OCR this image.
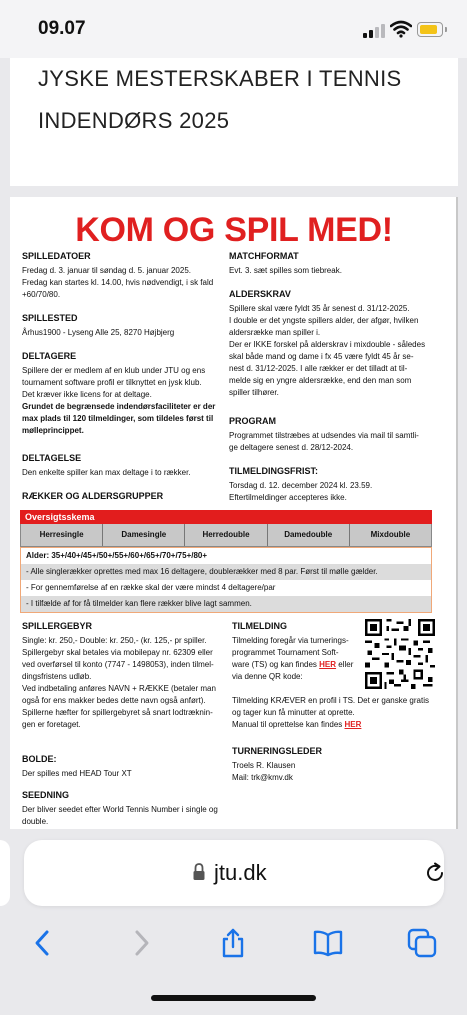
09.07
JYSKE MESTERSKABER I TENNIS
INDENDØRS 2025
KOM OG SPIL MED!
SPILLEDATOER
Fredag d. 3. januar til søndag d. 5. januar 2025.
Fredag kan startes kl. 14.00, hvis nødvendigt, i sk fald
+60/70/80.
SPILLESTED
Århus1900 - Lyseng Alle 25, 8270 Højbjerg
DELTAGERE
Spillere der er medlem af en klub under JTU og ens
tournament software profil er tilknyttet en jysk klub.
Det kræver ikke licens for at deltage.
Grundet de begrænsede indendørsfaciliteter er der
max plads til 120 tilmeldinger, som tildeles først til
mølleprincippet.
DELTAGELSE
Den enkelte spiller kan max deltage i to rækker.
RÆKKER OG ALDERSGRUPPER
MATCHFORMAT
Evt. 3. sæt spilles som tiebreak.
ALDERSKRAV
Spillere skal være fyldt 35 år senest d. 31/12-2025.
I double er det yngste spillers alder, der afgør, hvilken
aldersrække man spiller i.
Der er IKKE forskel på alderskrav i mixdouble - således
skal både mand og dame i fx 45 være fyldt 45 år se-
nest d. 31/12-2025. I alle rækker er det tilladt at til-
melde sig en yngre aldersrække, end den man som
spiller tilhører.
PROGRAM
Programmet tilstræbes at udsendes via mail til samtli-
ge deltagere senest d. 28/12-2024.
TILMELDINGSFRIST:
Torsdag d. 12. december 2024 kl. 23.59.
Eftertilmeldinger accepteres ikke.
Oversigtsskema
Herresingle	Damesingle	Herredouble	Damedouble	Mixdouble
Alder: 35+/40+/45+/50+/55+/60+/65+/70+/75+/80+
- Alle singlerækker oprettes med max 16 deltagere, doublerækker med 8 par. Først til mølle gælder.
- For gennemførelse af en række skal der være mindst 4 deltagere/par
- I tilfælde af for få tilmelder kan flere rækker blive lagt sammen.
SPILLERGEBYR
Single: kr. 250,- Double: kr. 250,- (kr. 125,- pr spiller.
Spillergebyr skal betales via mobilepay nr. 62309 eller
ved overførsel til konto (7747 - 1498053), inden tilmel-
dingsfristens udløb.
Ved indbetaling anføres NAVN + RÆKKE (betaler man
også for ens makker bedes dette navn også anført).
Spillerne hæfter for spillergebyret så snart lodtræknin-
gen er foretaget.
BOLDE:
Der spilles med HEAD Tour XT
SEEDNING
Der bliver seedet efter World Tennis Number i single og
double.
TILMELDING
Tilmelding foregår via turnerings-
programmet Tournament Soft-
ware (TS) og kan findes HER eller
via denne QR kode:
Tilmelding KRÆVER en profil i TS. Det er ganske gratis
og tager kun få minutter at oprette.
Manual til oprettelse kan findes HER
TURNERINGSLEDER
Troels R. Klausen
Mail: trk@kmv.dk
jtu.dk
